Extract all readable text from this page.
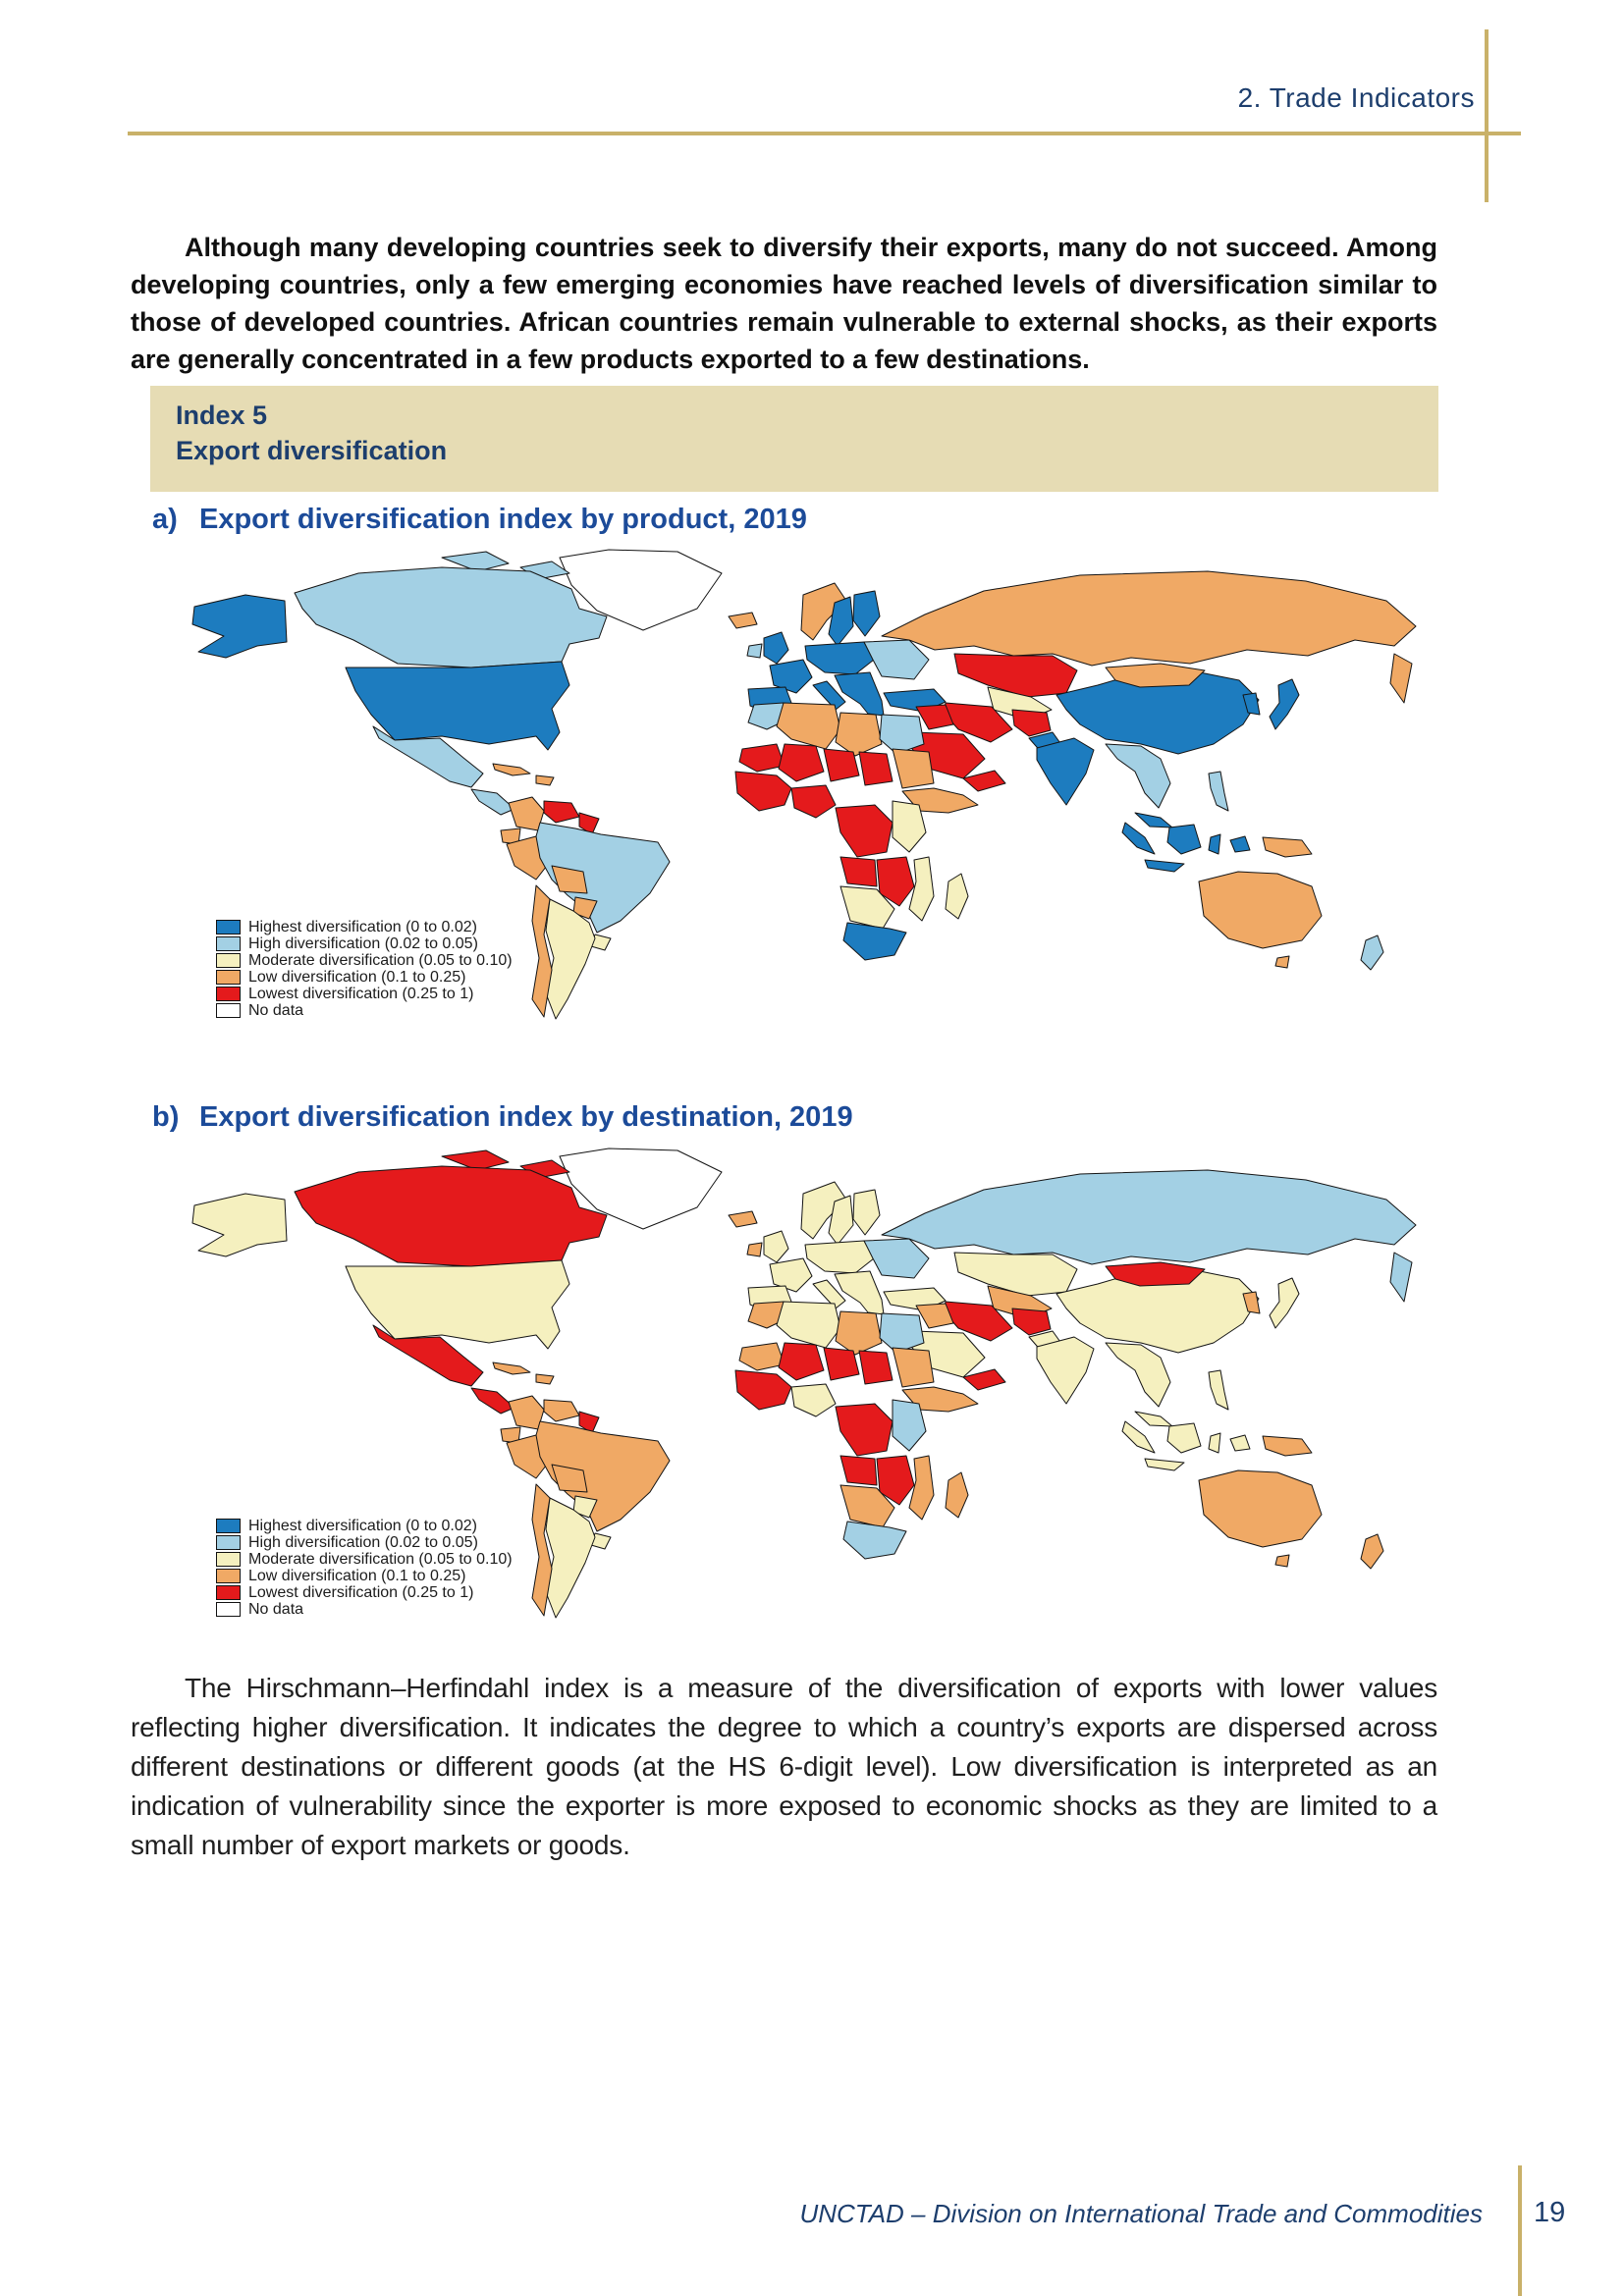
2. Trade Indicators

Although many developing countries seek to diversify their exports, many do not succeed. Among developing countries, only a few emerging economies have reached levels of diversification similar to those of developed countries. African countries remain vulnerable to external shocks, as their exports are generally concentrated in a few products exported to a few destinations.

Index 5
Export diversification
a) Export diversification index by product, 2019
Highest diversification (0 to 0.02)
High diversification (0.02 to 0.05)
Moderate diversification (0.05 to 0.10)
Low diversification (0.1 to 0.25)
Lowest diversification (0.25 to 1)
No data
b) Export diversification index by destination, 2019
Highest diversification (0 to 0.02)
High diversification (0.02 to 0.05)
Moderate diversification (0.05 to 0.10)
Low diversification (0.1 to 0.25)
Lowest diversification (0.25 to 1)
No data

The Hirschmann–Herfindahl index is a measure of the diversification of exports with lower values reflecting higher diversification. It indicates the degree to which a country’s exports are dispersed across different destinations or different goods (at the HS 6-digit level). Low diversification is interpreted as an indication of vulnerability since the exporter is more exposed to economic shocks as they are limited to a small number of export markets or goods.

UNCTAD – Division on International Trade and Commodities 19
